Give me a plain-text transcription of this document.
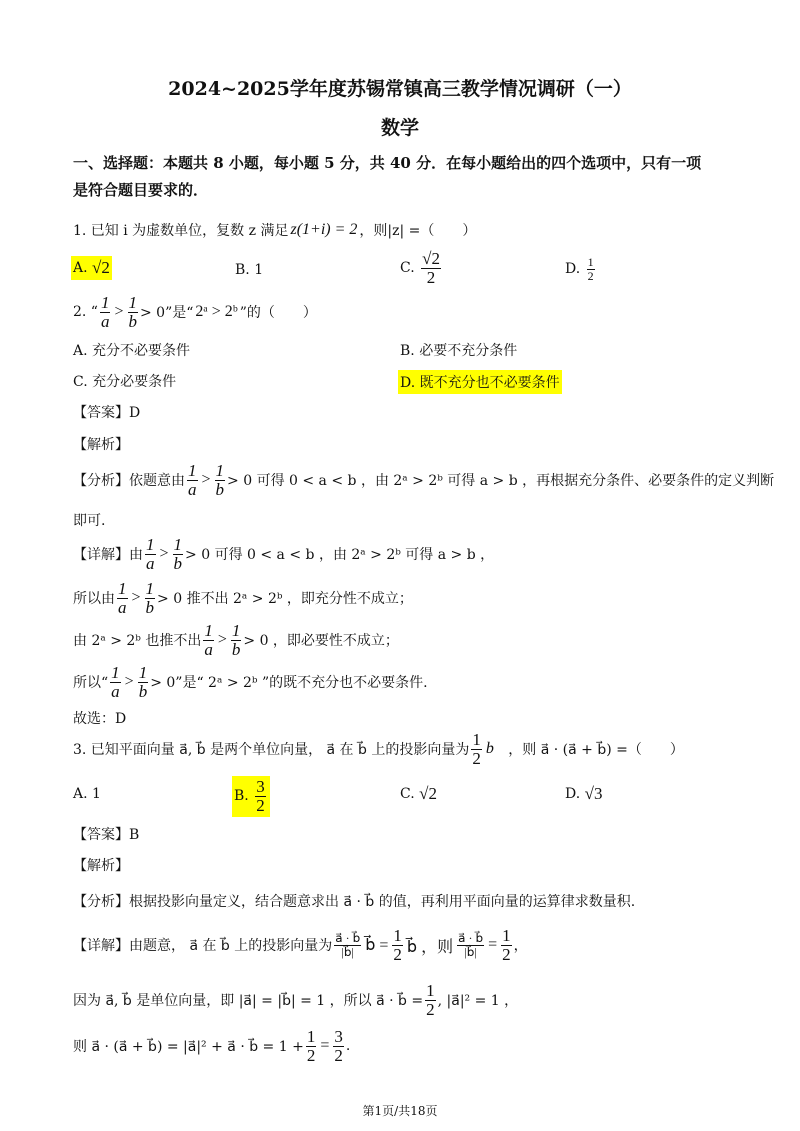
2024~2025学年度苏锡常镇高三教学情况调研（一）
数学
一、选择题：本题共 8 小题，每小题 5 分，共 40 分．在每小题给出的四个选项中，只有一项
是符合题目要求的．
1. 已知 i 为虚数单位，复数 z 满足 z(1+i) = 2 ，则|z| =（　　）
A.
√2	B. 1	C.
$\frac{√2}{2}$	D.
$\frac{1}{2}$
2. “ $\frac{1}{a} > \frac{1}{b} > 0$”是“ 2ᵃ > 2ᵇ ”的（　　）
A. 充分不必要条件	B. 必要不充分条件
C. 充分必要条件	D. 既不充分也不必要条件
【答案】D
【解析】
【分析】依题意由 $\frac{1}{a} > \frac{1}{b} > 0$ 可得 0 < a < b ，由 2ᵃ > 2ᵇ 可得 a > b ，再根据充分条件、必要条件的定义判断
即可.
【详解】由 $\frac{1}{a} > \frac{1}{b} > 0$ 可得 0 < a < b ，由 2ᵃ > 2ᵇ 可得 a > b ，
所以由 $\frac{1}{a} > \frac{1}{b} > 0$ 推不出 2ᵃ > 2ᵇ ，即充分性不成立；
由 2ᵃ > 2ᵇ 也推不出 $\frac{1}{a} > \frac{1}{b} > 0$ ，即必要性不成立；
所以“ $\frac{1}{a} > \frac{1}{b} > 0$”是“ 2ᵃ > 2ᵇ ”的既不充分也不必要条件.
故选：D
3. 已知平面向量 a⃗, b⃗ 是两个单位向量， a⃗ 在 b⃗ 上的投影向量为 $\frac{1}{2}$ b⃗ ，则 a⃗ · (a⃗ + b⃗) =（　　）
A. 1	B.
$\frac{3}{2}$	C.
√2	D.
√3
【答案】B
【解析】
【分析】根据投影向量定义，结合题意求出 a⃗ · b⃗ 的值，再利用平面向量的运算律求数量积.
【详解】由题意， a⃗ 在 b⃗ 上的投影向量为 $\frac{a⃗ \cdot b⃗}{|b⃗|}$ b⃗ = $\frac{1}{2}$ b⃗ ，则 $\frac{a⃗ \cdot b⃗}{|b⃗|} = \frac{1}{2}$ ，
因为 a⃗, b⃗ 是单位向量，即 |a⃗| = |b⃗| = 1 ，所以 a⃗ · b⃗ = $\frac{1}{2}$ , |a⃗|² = 1 ，
则 a⃗ · (a⃗ + b⃗) = |a⃗|² + a⃗ · b⃗ = $1 + \frac{1}{2} = \frac{3}{2}$ .
第1页/共18页
